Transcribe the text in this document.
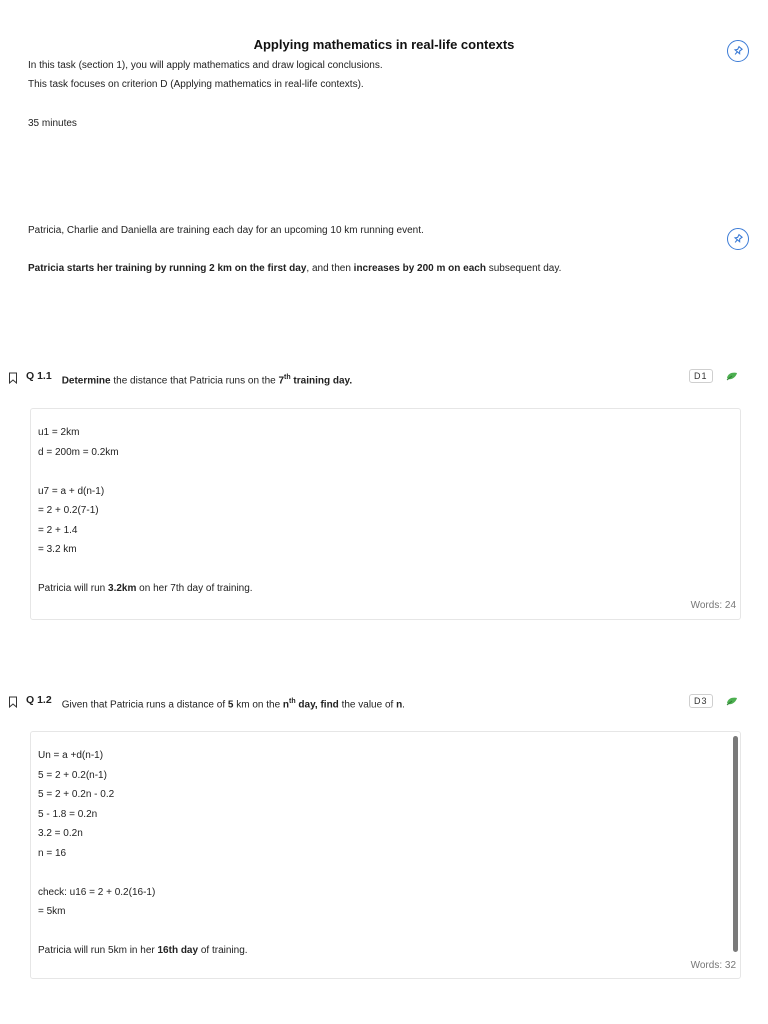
Applying mathematics in real-life contexts
In this task (section 1), you will apply mathematics and draw logical conclusions.
This task focuses on criterion D (Applying mathematics in real-life contexts).
35 minutes
Patricia, Charlie and Daniella are training each day for an upcoming 10 km running event.
Patricia starts her training by running 2 km on the first day, and then increases by 200 m on each subsequent day.
Q 1.1 Determine the distance that Patricia runs on the 7th training day.	D1
u1 = 2km
d = 200m = 0.2km
u7 = a + d(n-1)
= 2 + 0.2(7-1)
= 2 + 1.4
= 3.2 km
Patricia will run 3.2km on her 7th day of training.
Words: 24
Q 1.2 Given that Patricia runs a distance of 5 km on the $n^{th}$ day, find the value of n.	D3
Un = a +d(n-1)
5 = 2 + 0.2(n-1)
5 = 2 + 0.2n - 0.2
5 - 1.8 = 0.2n
3.2 = 0.2n
n = 16
check: u16 = 2 + 0.2(16-1)
= 5km
Patricia will run 5km in her 16th day of training.
Words: 32
